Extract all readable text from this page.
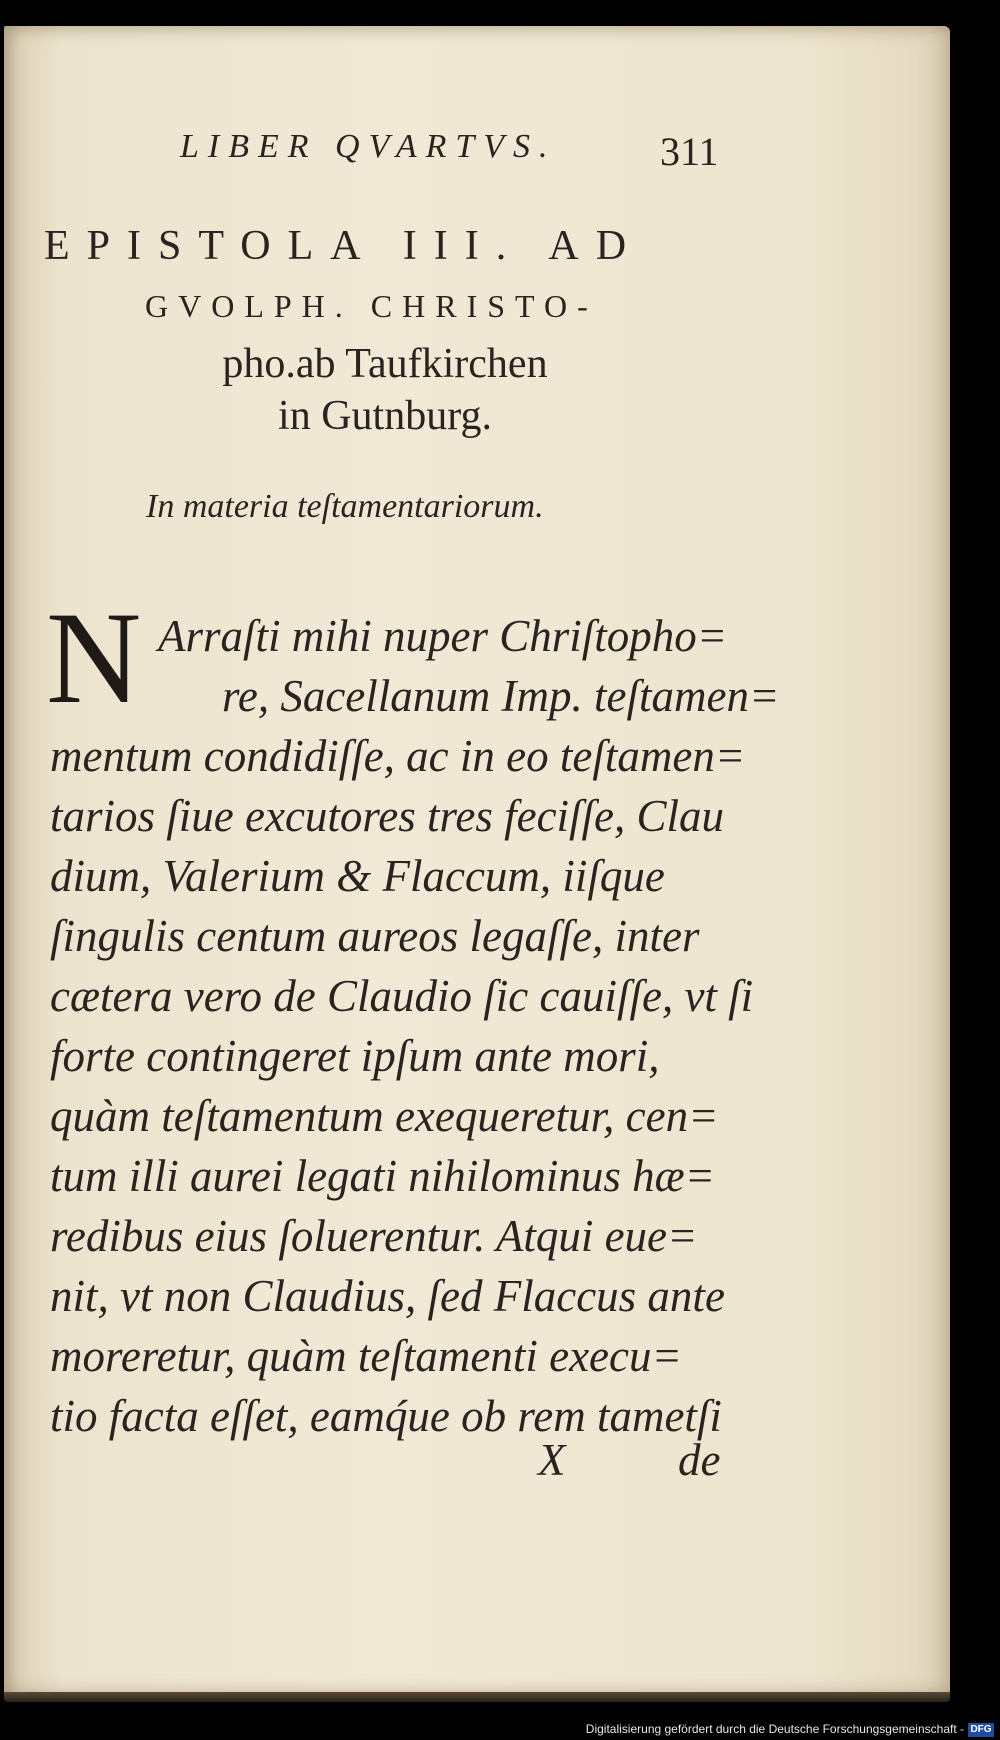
LIBER QVARTVS.	311
EPISTOLA III. AD
GVOLPH. CHRISTO-
pho.ab Taufkirchen
in Gutnburg.
In materia teſtamentariorum.
N Arraſti mihi nuper Chriſtopho=
re, Sacellanum Imp. teſtamen=
mentum condidiſſe, ac in eo teſtamen=
tarios ſiue excutores tres feciſſe, Clau
dium, Valerium & Flaccum, iiſque
ſingulis centum aureos legaſſe, inter
cætera vero de Claudio ſic cauiſſe, vt ſi
forte contingeret ipſum ante mori,
quàm teſtamentum exequeretur, cen=
tum illi aurei legati nihilominus hæ=
redibus eius ſoluerentur. Atqui eue=
nit, vt non Claudius, ſed Flaccus ante
moreretur, quàm teſtamenti execu=
tio facta eſſet, eamq́ue ob rem tametſi
X	de
Digitalisierung gefördert durch die Deutsche Forschungsgemeinschaft - DFG
